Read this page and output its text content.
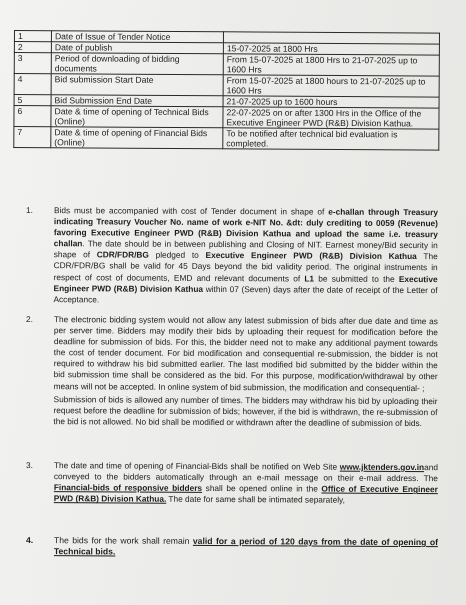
1	Date of Issue of Tender Notice	
2	Date of publish	15-07-2025 at 1800 Hrs
3	Period of downloading of bidding documents	From 15-07-2025 at 1800 Hrs to 21-07-2025 up to 1600 Hrs
4	Bid submission Start Date	From 15-07-2025 at 1800 hours to 21-07-2025 up to 1600 Hrs
5	Bid Submission End Date	21-07-2025 up to 1600 hours
6	Date & time of opening of Technical Bids (Online)	22-07-2025 on or after 1300 Hrs in the Office of the Executive Engineer PWD (R&B) Division Kathua.
7	Date & time of opening of Financial Bids (Online)	To be notified after technical bid evaluation is completed.
1.	Bids must be accompanied with cost of Tender document in shape of e-challan through Treasury indicating Treasury Voucher No. name of work e-NIT No. &dt: duly crediting to 0059 (Revenue) favoring Executive Engineer PWD (R&B) Division Kathua and upload the same i.e. treasury challan. The date should be in between publishing and Closing of NIT. Earnest money/Bid security in shape of CDR/FDR/BG pledged to Executive Engineer PWD (R&B) Division Kathua The CDR/FDR/BG shall be valid for 45 Days beyond the bid validity period. The original instruments in respect of cost of documents, EMD and relevant documents of L1 be submitted to the Executive Engineer PWD (R&B) Division Kathua within 07 (Seven) days after the date of receipt of the Letter of Acceptance.
2.	The electronic bidding system would not allow any latest submission of bids after due date and time as per server time. Bidders may modify their bids by uploading their request for modification before the deadline for submission of bids. For this, the bidder need not to make any additional payment towards the cost of tender document. For bid modification and consequential re-submission, the bidder is not required to withdraw his bid submitted earlier. The last modified bid submitted by the bidder within the bid submission time shall be considered as the bid. For this purpose, modification/withdrawal by other means will not be accepted. In online system of bid submission, the modification and consequential- ;
Submission of bids is allowed any number of times. The bidders may withdraw his bid by uploading their request before the deadline for submission of bids; however, if the bid is withdrawn, the re-submission of the bid is not allowed. No bid shall be modified or withdrawn after the deadline of submission of bids.
3.	The date and time of opening of Financial-Bids shall be notified on Web Site www.jktenders.gov.inand conveyed to the bidders automatically through an e-mail message on their e-mail address. The Financial-bids of responsive bidders shall be opened online in the Office of Executive Engineer PWD (R&B) Division Kathua. The date for same shall be intimated separately,
4. The bids for the work shall remain valid for a period of 120 days from the date of opening of Technical bids.
